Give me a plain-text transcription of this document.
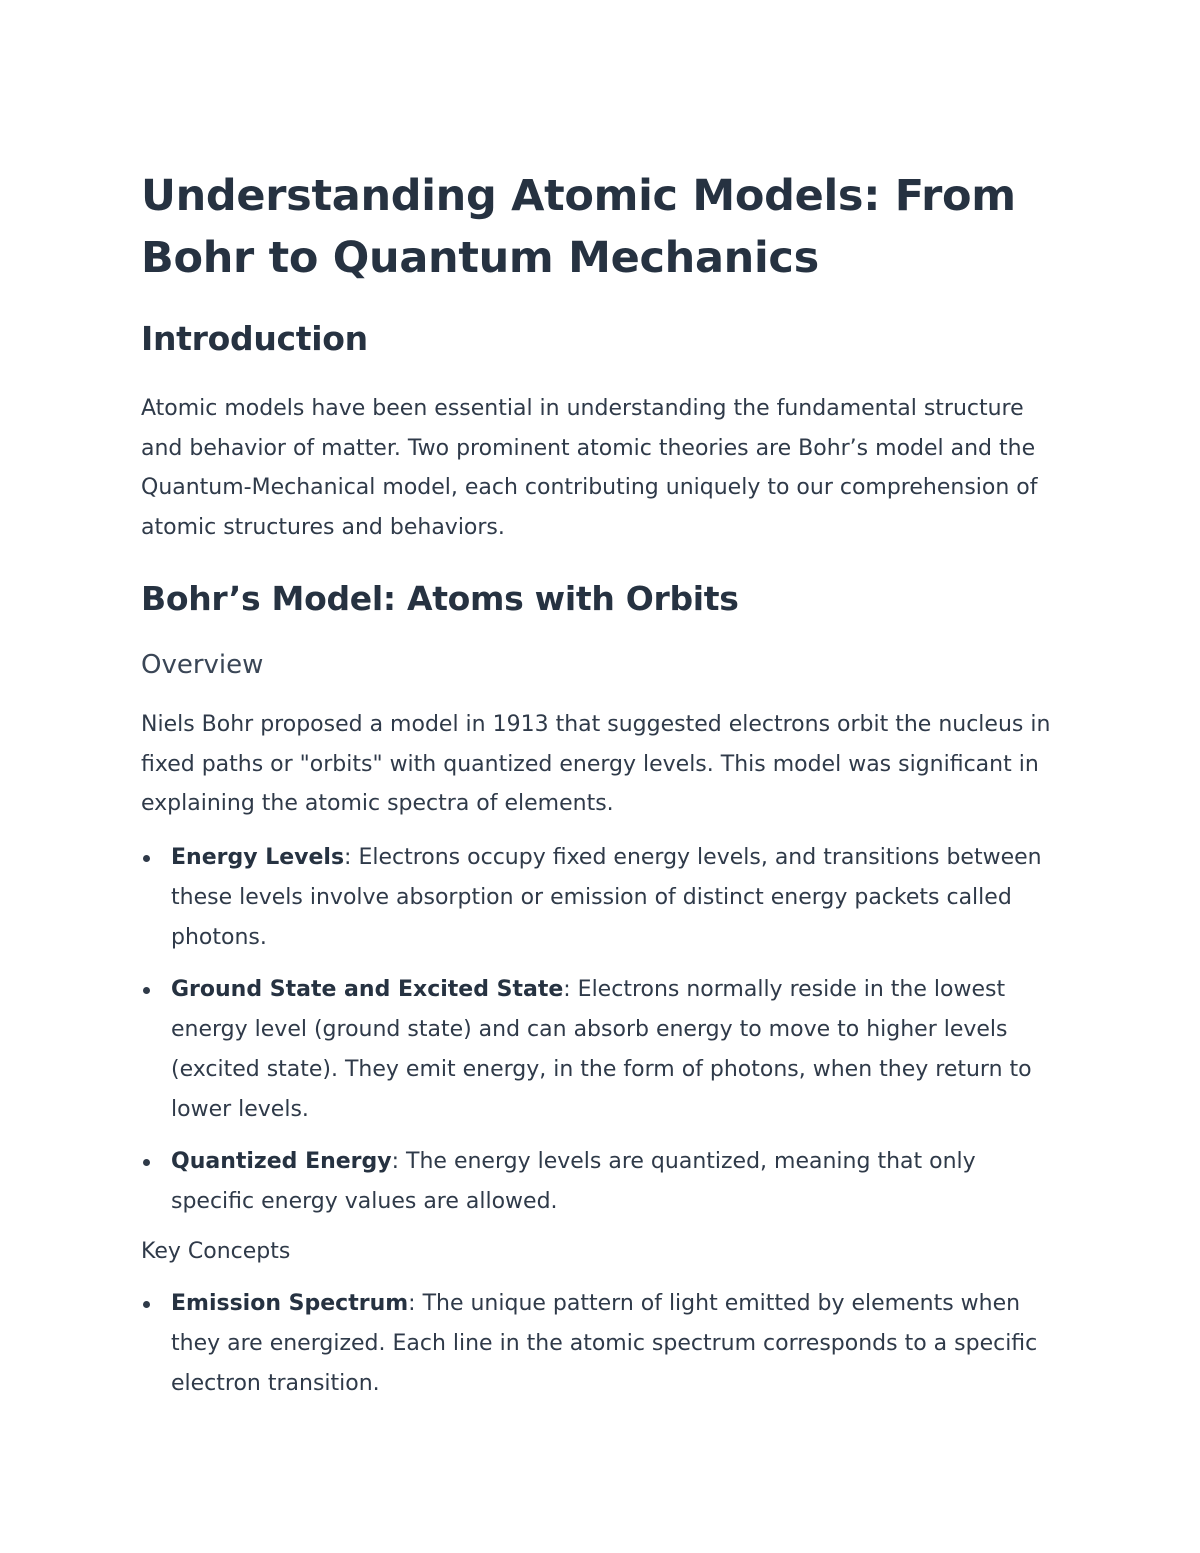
Understanding Atomic Models: From Bohr to Quantum Mechanics
Introduction

Atomic models have been essential in understanding the fundamental structure and behavior of matter. Two prominent atomic theories are Bohr’s model and the Quantum-Mechanical model, each contributing uniquely to our comprehension of atomic structures and behaviors.

Bohr’s Model: Atoms with Orbits
Overview

Niels Bohr proposed a model in 1913 that suggested electrons orbit the nucleus in fixed paths or "orbits" with quantized energy levels. This model was significant in explaining the atomic spectra of elements.

Energy Levels: Electrons occupy fixed energy levels, and transitions between these levels involve absorption or emission of distinct energy packets called photons.
Ground State and Excited State: Electrons normally reside in the lowest energy level (ground state) and can absorb energy to move to higher levels (excited state). They emit energy, in the form of photons, when they return to lower levels.
Quantized Energy: The energy levels are quantized, meaning that only specific energy values are allowed.
Key Concepts
Emission Spectrum: The unique pattern of light emitted by elements when they are energized. Each line in the atomic spectrum corresponds to a specific electron transition.
